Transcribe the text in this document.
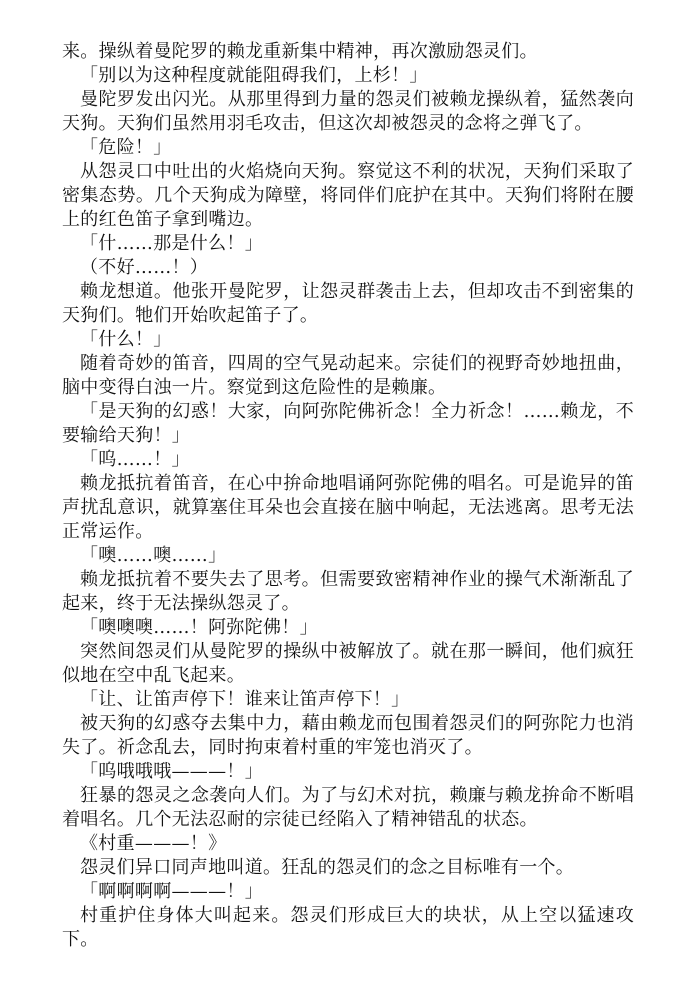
来。操纵着曼陀罗的赖龙重新集中精神，再次激励怨灵们。

「别以为这种程度就能阻碍我们，上杉！」

曼陀罗发出闪光。从那里得到力量的怨灵们被赖龙操纵着，猛然袭向天狗。天狗们虽然用羽毛攻击，但这次却被怨灵的念将之弹飞了。

「危险！」

从怨灵口中吐出的火焰烧向天狗。察觉这不利的状况，天狗们采取了密集态势。几个天狗成为障壁，将同伴们庇护在其中。天狗们将附在腰上的红色笛子拿到嘴边。

「什……那是什么！」

（不好……！）

赖龙想道。他张开曼陀罗，让怨灵群袭击上去，但却攻击不到密集的天狗们。牠们开始吹起笛子了。

「什么！」

随着奇妙的笛音，四周的空气晃动起来。宗徒们的视野奇妙地扭曲，脑中变得白浊一片。察觉到这危险性的是赖廉。

「是天狗的幻惑！大家，向阿弥陀佛祈念！全力祈念！……赖龙，不要输给天狗！」

「呜……！」

赖龙抵抗着笛音，在心中拚命地唱诵阿弥陀佛的唱名。可是诡异的笛声扰乱意识，就算塞住耳朵也会直接在脑中响起，无法逃离。思考无法正常运作。

「噢……噢……」

赖龙抵抗着不要失去了思考。但需要致密精神作业的操气术渐渐乱了起来，终于无法操纵怨灵了。

「噢噢噢……！阿弥陀佛！」

突然间怨灵们从曼陀罗的操纵中被解放了。就在那一瞬间，他们疯狂似地在空中乱飞起来。

「让、让笛声停下！谁来让笛声停下！」

被天狗的幻惑夺去集中力，藉由赖龙而包围着怨灵们的阿弥陀力也消失了。祈念乱去，同时拘束着村重的牢笼也消灭了。

「呜哦哦哦———！」

狂暴的怨灵之念袭向人们。为了与幻术对抗，赖廉与赖龙拚命不断唱着唱名。几个无法忍耐的宗徒已经陷入了精神错乱的状态。

《村重———！》

怨灵们异口同声地叫道。狂乱的怨灵们的念之目标唯有一个。

「啊啊啊啊———！」

村重护住身体大叫起来。怨灵们形成巨大的块状，从上空以猛速攻下。
